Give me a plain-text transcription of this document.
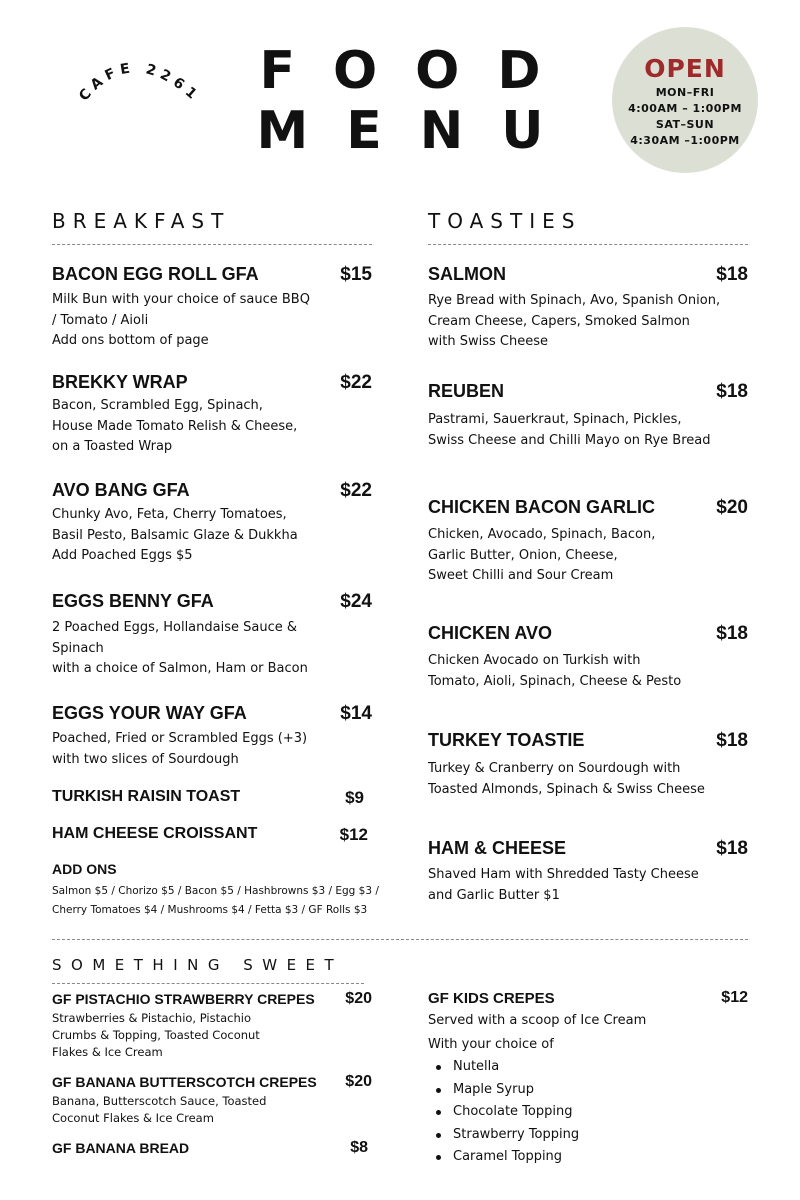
CAFE 2261	FOOD
MENU
OPEN
MON–FRI
4:00AM – 1:00PM
SAT–SUN
4:30AM –1:00PM
BREAKFAST
BACON EGG ROLL GFA	$15
Milk Bun with your choice of sauce BBQ
/ Tomato / Aioli
Add ons bottom of page
BREKKY WRAP	$22
Bacon, Scrambled Egg, Spinach,
House Made Tomato Relish & Cheese,
on a Toasted Wrap
AVO BANG GFA	$22
Chunky Avo, Feta, Cherry Tomatoes,
Basil Pesto, Balsamic Glaze & Dukkha
Add Poached Eggs $5
EGGS BENNY GFA	$24
2 Poached Eggs, Hollandaise Sauce &
Spinach
with a choice of Salmon, Ham or Bacon
EGGS YOUR WAY GFA	$14
Poached, Fried or Scrambled Eggs (+3)
with two slices of Sourdough
TURKISH RAISIN TOAST	$9
HAM CHEESE CROISSANT	$12
ADD ONS
Salmon $5 / Chorizo $5 / Bacon $5 / Hashbrowns $3 / Egg $3 /
Cherry Tomatoes $4 / Mushrooms $4 / Fetta $3 / GF Rolls $3
TOASTIES
SALMON	$18
Rye Bread with Spinach, Avo, Spanish Onion,
Cream Cheese, Capers, Smoked Salmon
with Swiss Cheese
REUBEN	$18
Pastrami, Sauerkraut, Spinach, Pickles,
Swiss Cheese and Chilli Mayo on Rye Bread
CHICKEN BACON GARLIC	$20
Chicken, Avocado, Spinach, Bacon,
Garlic Butter, Onion, Cheese,
Sweet Chilli and Sour Cream
CHICKEN AVO	$18
Chicken Avocado on Turkish with
Tomato, Aioli, Spinach, Cheese & Pesto
TURKEY TOASTIE	$18
Turkey & Cranberry on Sourdough with
Toasted Almonds, Spinach & Swiss Cheese
HAM & CHEESE	$18
Shaved Ham with Shredded Tasty Cheese
and Garlic Butter $1
SOMETHING SWEET
GF PISTACHIO STRAWBERRY CREPES	$20
Strawberries & Pistachio, Pistachio
Crumbs & Topping, Toasted Coconut
Flakes & Ice Cream
GF BANANA BUTTERSCOTCH CREPES	$20
Banana, Butterscotch Sauce, Toasted
Coconut Flakes & Ice Cream
GF BANANA BREAD	$8
GF KIDS CREPES	$12
Served with a scoop of Ice Cream
With your choice of
Nutella
Maple Syrup
Chocolate Topping
Strawberry Topping
Caramel Topping
